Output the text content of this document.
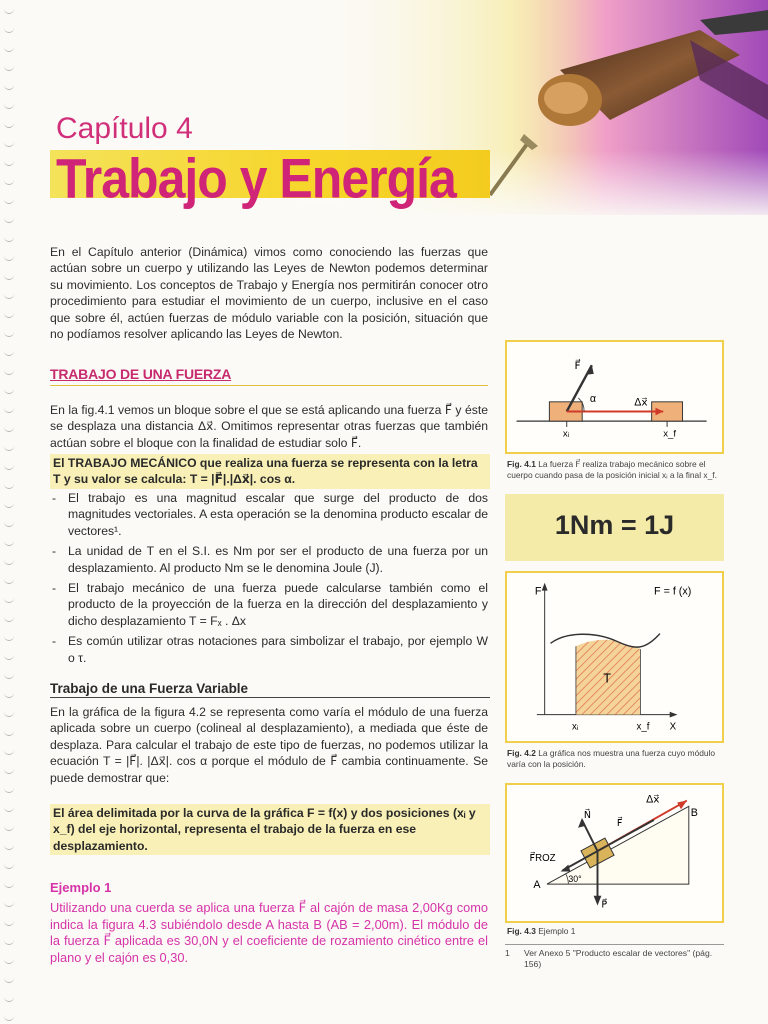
Capítulo 4
Trabajo y Energía
En el Capítulo anterior (Dinámica) vimos como conociendo las fuerzas que actúan sobre un cuerpo y utilizando las Leyes de Newton podemos determinar su movimiento. Los conceptos de Trabajo y Energía nos permitirán conocer otro procedimiento para estudiar el movimiento de un cuerpo, inclusive en el caso que sobre él, actúen fuerzas de módulo variable con la posición, situación que no podíamos resolver aplicando las Leyes de Newton.
TRABAJO DE UNA FUERZA
En la fig.4.1 vemos un bloque sobre el que se está aplicando una fuerza F⃗ y éste se desplaza una distancia Δx⃗. Omitimos representar otras fuerzas que también actúan sobre el bloque con la finalidad de estudiar solo F⃗.
El TRABAJO MECÁNICO que realiza una fuerza se representa con la letra T y su valor se calcula: T = |F⃗|.|Δx⃗|. cos α.
- El trabajo es una magnitud escalar que surge del producto de dos magnitudes vectoriales. A esta operación se la denomina producto escalar de vectores¹.
- La unidad de T en el S.I. es Nm por ser el producto de una fuerza por un desplazamiento. Al producto Nm se le denomina Joule (J).
- El trabajo mecánico de una fuerza puede calcularse también como el producto de la proyección de la fuerza en la dirección del desplazamiento y dicho desplazamiento T = Fₓ . Δx
- Es común utilizar otras notaciones para simbolizar el trabajo, por ejemplo W o τ.
Trabajo de una Fuerza Variable
En la gráfica de la figura 4.2 se representa como varía el módulo de una fuerza aplicada sobre un cuerpo (colineal al desplazamiento), a mediada que éste de desplaza. Para calcular el trabajo de este tipo de fuerzas, no podemos utilizar la ecuación T = |F⃗|. |Δx⃗|. cos α porque el módulo de F⃗ cambia continuamente. Se puede demostrar que:
El área delimitada por la curva de la gráfica F = f(x) y dos posiciones (xᵢ y x_f) del eje horizontal, representa el trabajo de la fuerza en ese desplazamiento.
Ejemplo 1
Utilizando una cuerda se aplica una fuerza F⃗ al cajón de masa 2,00Kg como indica la figura 4.3 subiéndolo desde A hasta B (AB = 2,00m). El módulo de la fuerza F⃗ aplicada es 30,0N y el coeficiente de rozamiento cinético entre el plano y el cajón es 0,30.
F⃗
α	Δx⃗
xᵢ	x_f
Fig. 4.1 La fuerza F⃗ realiza trabajo mecánico sobre el cuerpo cuando pasa de la posición inicial xᵢ a la final x_f.
1Nm = 1J
F	F = f (x)
T
xᵢ	x_f X
Fig. 4.2 La gráfica nos muestra una fuerza cuyo módulo varía con la posición.
Δx⃗
N⃗
F⃗
F⃗ROZ
P⃗
A
B
30°
Fig. 4.3 Ejemplo 1
1 Ver Anexo 5 "Producto escalar de vectores" (pág. 156)
